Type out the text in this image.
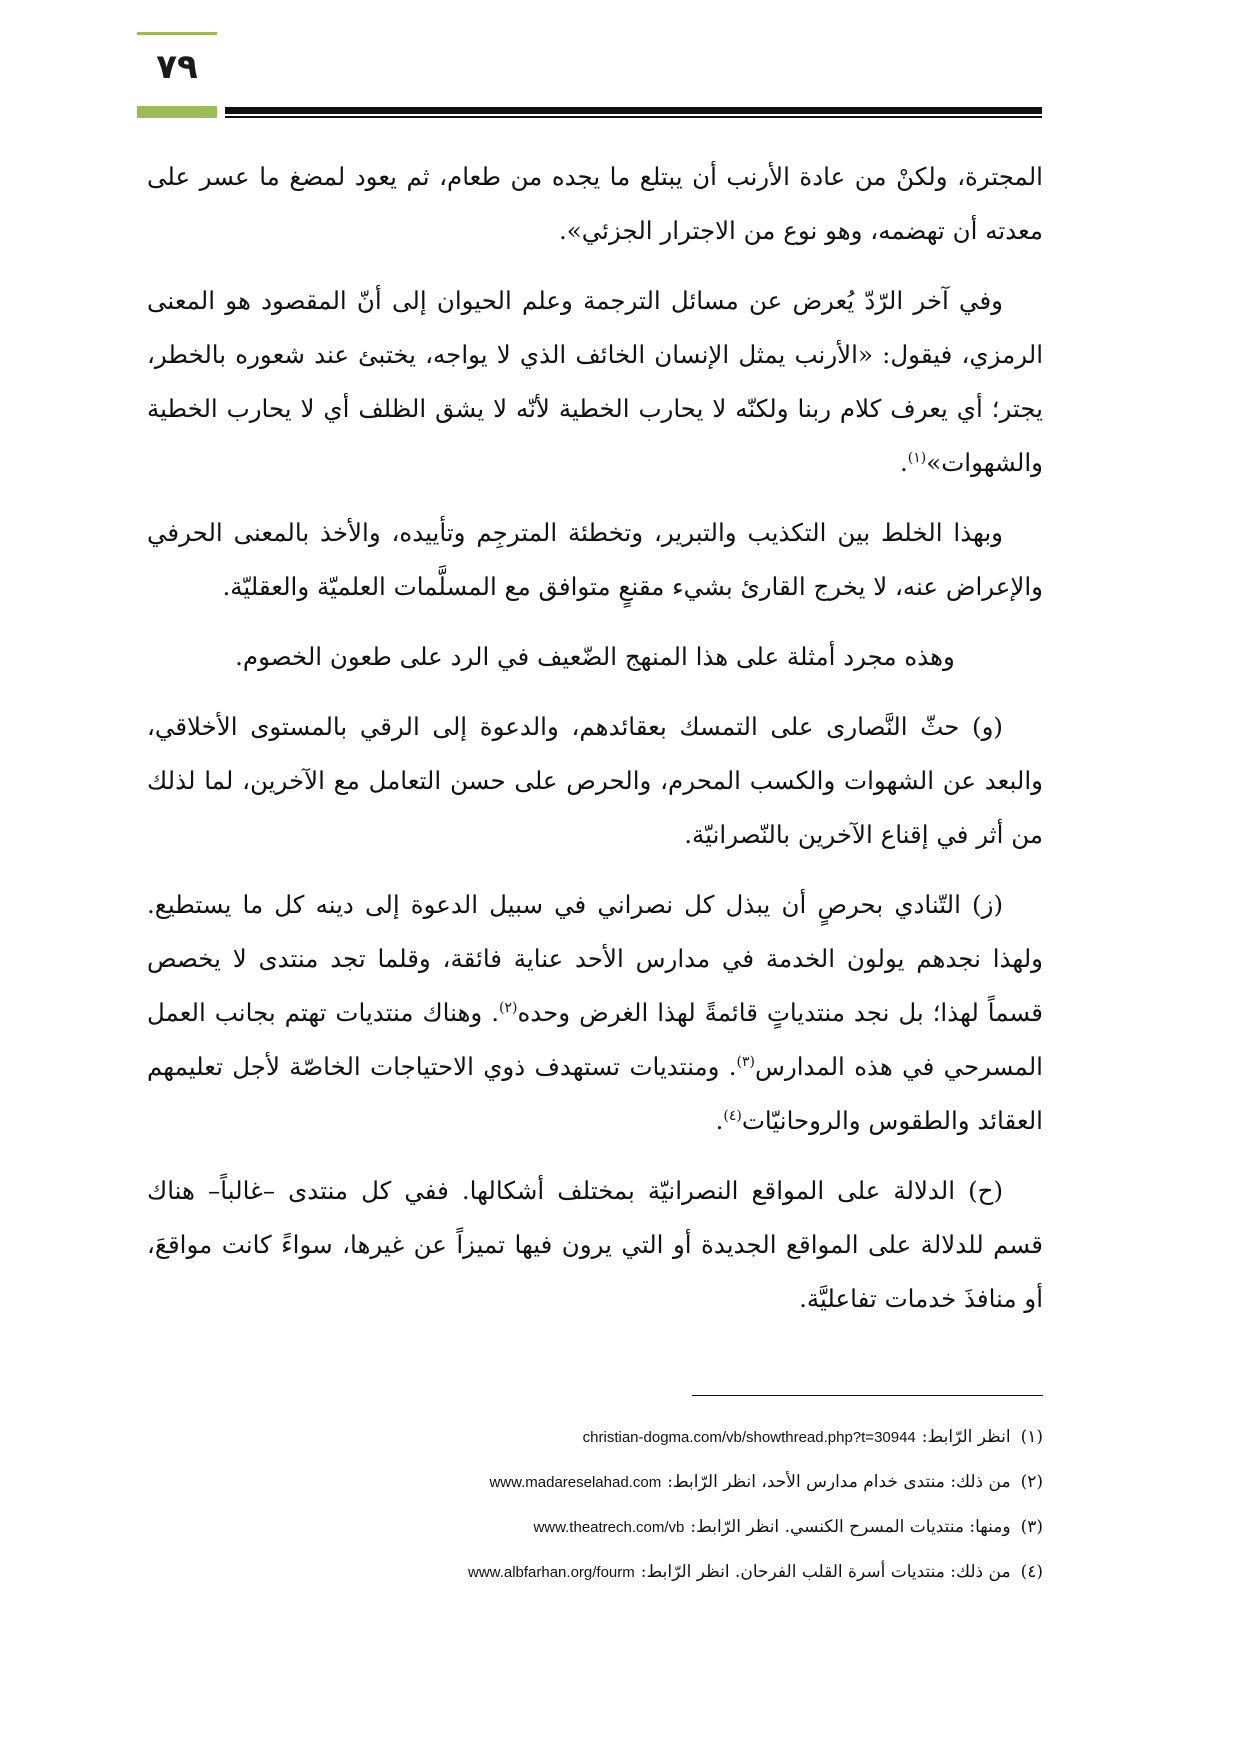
٧٩

المجترة، ولكنْ من عادة الأرنب أن يبتلع ما يجده من طعام، ثم يعود لمضغ ما عسر على معدته أن تهضمه، وهو نوع من الاجترار الجزئي».

وفي آخر الرّدّ يُعرض عن مسائل الترجمة وعلم الحيوان إلى أنّ المقصود هو المعنى الرمزي، فيقول: «الأرنب يمثل الإنسان الخائف الذي لا يواجه، يختبئ عند شعوره بالخطر، يجتر؛ أي يعرف كلام ربنا ولكنّه لا يحارب الخطية لأنّه لا يشق الظلف أي لا يحارب الخطية والشهوات»$^{(١)}$.

وبهذا الخلط بين التكذيب والتبرير، وتخطئة المترجِم وتأييده، والأخذ بالمعنى الحرفي والإعراض عنه، لا يخرج القارئ بشيء مقنعٍ متوافق مع المسلَّمات العلميّة والعقليّة.

وهذه مجرد أمثلة على هذا المنهج الضّعيف في الرد على طعون الخصوم.

(و) حثّ النَّصارى على التمسك بعقائدهم، والدعوة إلى الرقي بالمستوى الأخلاقي، والبعد عن الشهوات والكسب المحرم، والحرص على حسن التعامل مع الآخرين، لما لذلك من أثر في إقناع الآخرين بالنّصرانيّة.

(ز) التّنادي بحرصٍ أن يبذل كل نصراني في سبيل الدعوة إلى دينه كل ما يستطيع. ولهذا نجدهم يولون الخدمة في مدارس الأحد عناية فائقة، وقلما تجد منتدى لا يخصص قسماً لهذا؛ بل نجد منتدياتٍ قائمةً لهذا الغرض وحده$^{(٢)}$. وهناك منتديات تهتم بجانب العمل المسرحي في هذه المدارس$^{(٣)}$. ومنتديات تستهدف ذوي الاحتياجات الخاصّة لأجل تعليمهم العقائد والطقوس والروحانيّات$^{(٤)}$.

(ح) الدلالة على المواقع النصرانيّة بمختلف أشكالها. ففي كل منتدى –غالباً– هناك قسم للدلالة على المواقع الجديدة أو التي يرون فيها تميزاً عن غيرها، سواءً كانت مواقعَ، أو منافذَ خدمات تفاعليَّة.

(١)انظر الرّابط:christian-dogma.com/vb/showthread.php?t=30944
(٢)من ذلك: منتدى خدام مدارس الأحد، انظر الرّابط:www.madareselahad.com
(٣)ومنها: منتديات المسرح الكنسي. انظر الرّابط:www.theatrech.com/vb
(٤)من ذلك: منتديات أسرة القلب الفرحان. انظر الرّابط:www.albfarhan.org/fourm
